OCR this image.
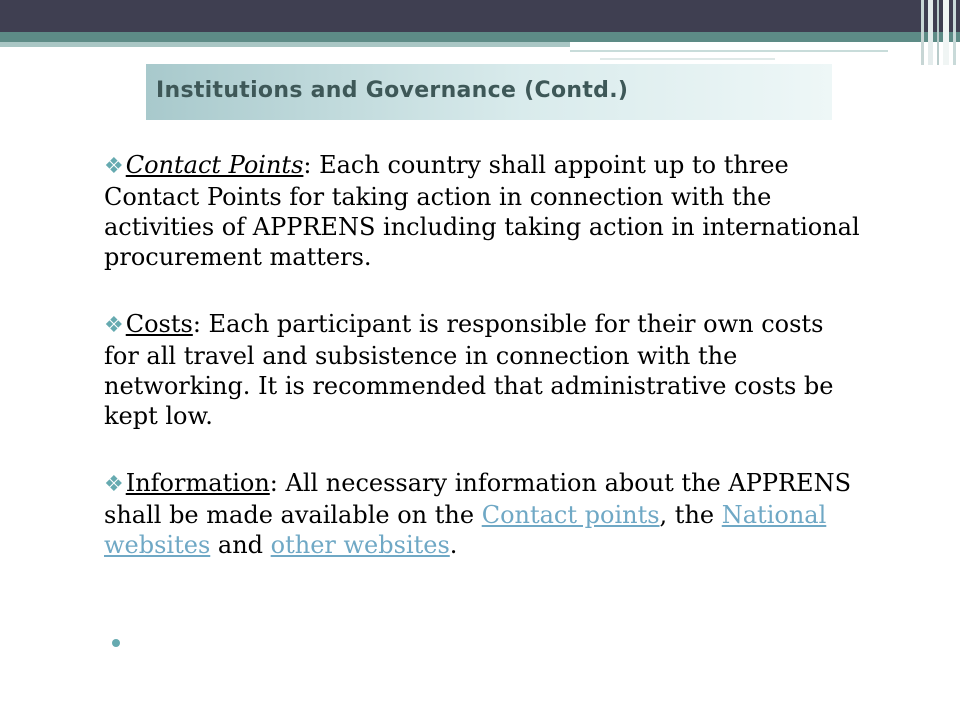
Institutions and Governance (Contd.)

❖Contact Points: Each country shall appoint up to three Contact Points for taking action in connection with the activities of APPRENS including taking action in international procurement matters.

❖Costs: Each participant is responsible for their own costs for all travel and subsistence in connection with the networking. It is recommended that administrative costs be kept low.

❖Information: All necessary information about the APPRENS shall be made available on the Contact points, the National websites and other websites.
